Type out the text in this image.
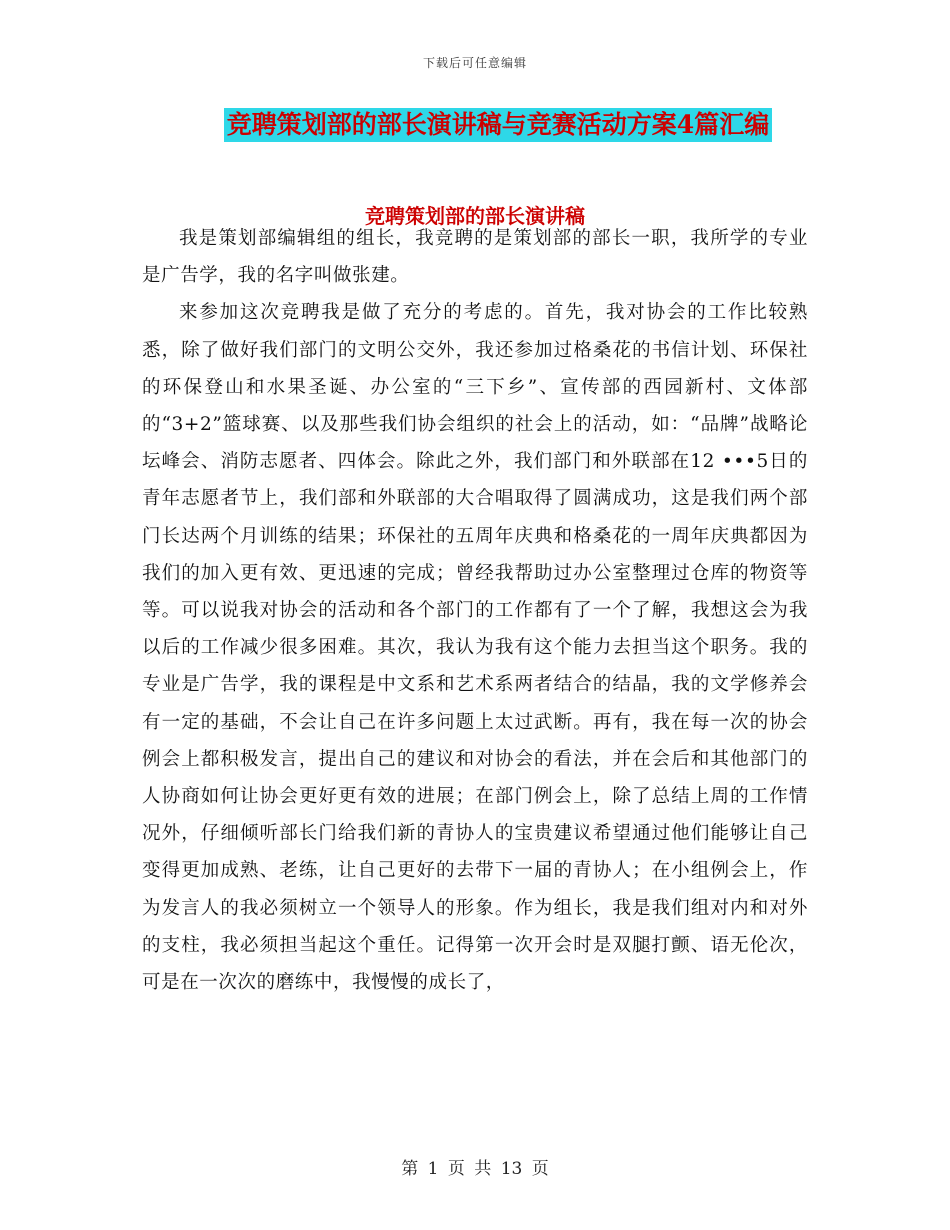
下载后可任意编辑
竞聘策划部的部长演讲稿与竞赛活动方案4篇汇编
竞聘策划部的部长演讲稿

我是策划部编辑组的组长，我竞聘的是策划部的部长一职，我所学的专业是广告学，我的名字叫做张建。

来参加这次竞聘我是做了充分的考虑的。首先，我对协会的工作比较熟悉，除了做好我们部门的文明公交外，我还参加过格桑花的书信计划、环保社的环保登山和水果圣诞、办公室的“三下乡”、宣传部的西园新村、文体部的“3+2”篮球赛、以及那些我们协会组织的社会上的活动，如：“品牌”战略论坛峰会、消防志愿者、四体会。除此之外，我们部门和外联部在12 •••5日的青年志愿者节上，我们部和外联部的大合唱取得了圆满成功，这是我们两个部门长达两个月训练的结果；环保社的五周年庆典和格桑花的一周年庆典都因为我们的加入更有效、更迅速的完成；曾经我帮助过办公室整理过仓库的物资等等。可以说我对协会的活动和各个部门的工作都有了一个了解，我想这会为我以后的工作减少很多困难。其次，我认为我有这个能力去担当这个职务。我的专业是广告学，我的课程是中文系和艺术系两者结合的结晶，我的文学修养会有一定的基础，不会让自己在许多问题上太过武断。再有，我在每一次的协会例会上都积极发言，提出自己的建议和对协会的看法，并在会后和其他部门的人协商如何让协会更好更有效的进展；在部门例会上，除了总结上周的工作情况外，仔细倾听部长门给我们新的青协人的宝贵建议希望通过他们能够让自己变得更加成熟、老练，让自己更好的去带下一届的青协人；在小组例会上，作为发言人的我必须树立一个领导人的形象。作为组长，我是我们组对内和对外的支柱，我必须担当起这个重任。记得第一次开会时是双腿打颤、语无伦次，可是在一次次的磨练中，我慢慢的成长了，

第 1 页 共 13 页
